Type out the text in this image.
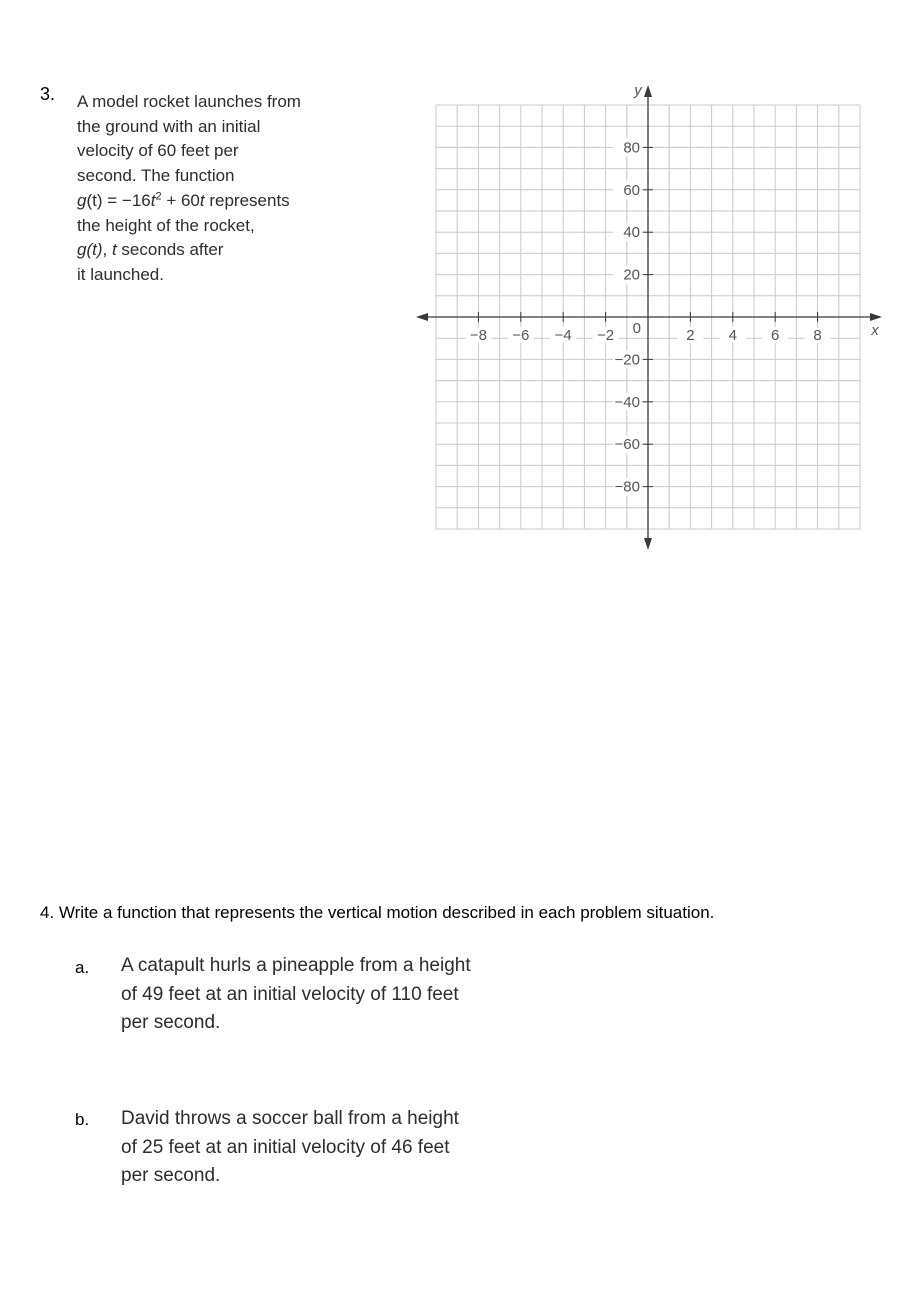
3. A model rocket launches from
the ground with an initial
velocity of 60 feet per
second. The function
$g(t) = -16t^2 + 60t$ represents
the height of the rocket,
g(t), t seconds after
it launched.
−8 −6 −4 −2	2 4 6 8
80
60
40
20
−20
−40
−60
−80
0	x
y
4. Write a function that represents the vertical motion described in each problem situation.
a. A catapult hurls a pineapple from a height
of 49 feet at an initial velocity of 110 feet
per second.
b. David throws a soccer ball from a height
of 25 feet at an initial velocity of 46 feet
per second.
